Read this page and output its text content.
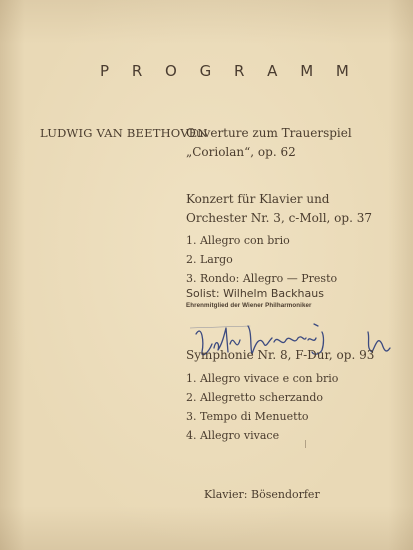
P R O G R A M M
LUDWIG VAN BEETHOVEN
Ouverture zum Trauerspiel
„Coriolan“, op. 62
Konzert für Klavier und
Orchester Nr. 3, c-Moll, op. 37
1. Allegro con brio
2. Largo
3. Rondo: Allegro — Presto
Solist: Wilhelm Backhaus
Ehrenmitglied der Wiener Philharmoniker
Symphonie Nr. 8, F-Dur, op. 93
1. Allegro vivace e con brio
2. Allegretto scherzando
3. Tempo di Menuetto
4. Allegro vivace
Klavier: Bösendorfer
